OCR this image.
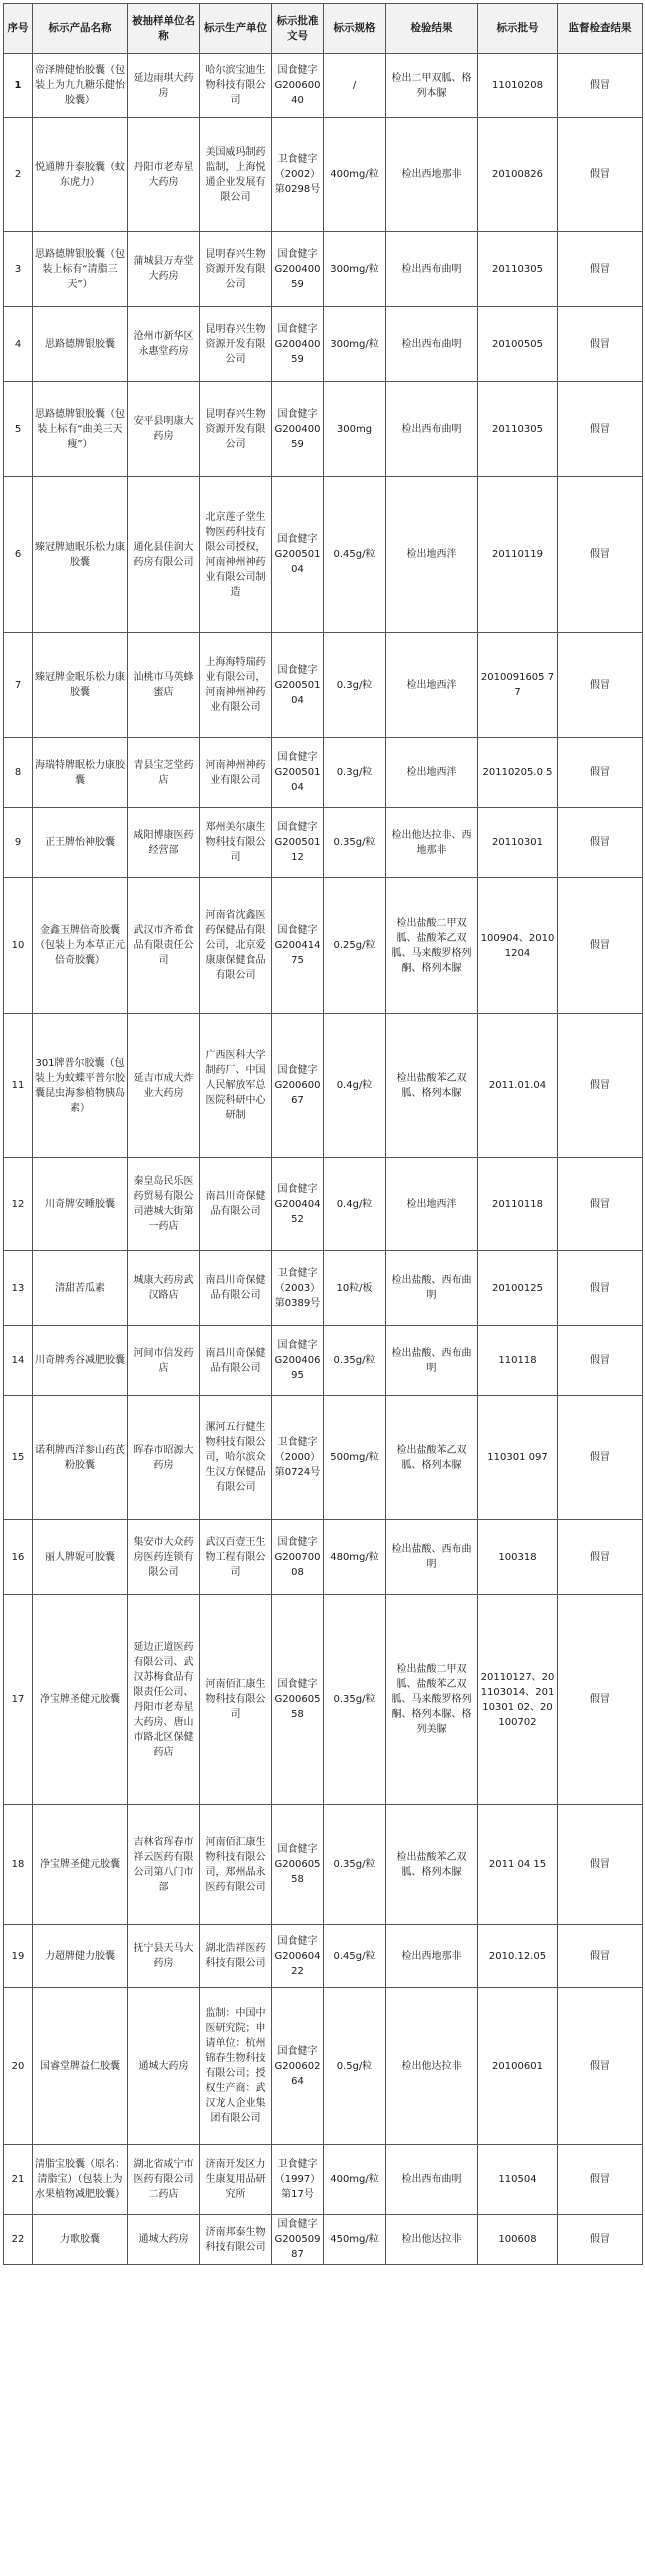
序号	标示产品名称	被抽样单位名称	标示生产单位	标示批准文号	标示规格	检验结果	标示批号	监督检查结果
1	帝泽牌健怡胶囊（包装上为九九糖乐健怡胶囊）	延边雨琪大药房	哈尔滨宝迪生物科技有限公司	国食健字G20060040	/	检出二甲双胍、格列本脲	11010208	假冒
2	悦通牌升泰胶囊（蚊东虎力）	丹阳市老寿星大药房	美国威玛制药监制，上海悦通企业发展有限公司	卫食健字（2002）第0298号	400mg/粒	检出西地那非	20100826	假冒
3	思路德牌银胶囊（包装上标有“清脂三天”）	蒲城县万寿堂大药房	昆明春兴生物资源开发有限公司	国食健字G20040059	300mg/粒	检出西布曲明	20110305	假冒
4	思路德牌银胶囊	沧州市新华区永惠堂药房	昆明春兴生物资源开发有限公司	国食健字G20040059	300mg/粒	检出西布曲明	20100505	假冒
5	思路德牌银胶囊（包装上标有“曲美三天瘦”）	安平县明康大药房	昆明春兴生物资源开发有限公司	国食健字G20040059	300mg	检出西布曲明	20110305	假冒
6	臻冠牌迪眠乐松力康胶囊	通化县佳润大药房有限公司	北京莲子堂生物医药科技有限公司授权，河南神州神药业有限公司制造	国食健字G20050104	0.45g/粒	检出地西泮	20110119	假冒
7	臻冠牌金眠乐松力康胶囊	汕桃市马英蜂蜜店	上海海特瑞药业有限公司，河南神州神药业有限公司	国食健字G20050104	0.3g/粒	检出地西泮	2010091605 77	假冒
8	海瑞特牌眠松力康胶囊	青县宝芝堂药店	河南神州神药业有限公司	国食健字G20050104	0.3g/粒	检出地西泮	20110205.0 5	假冒
9	正王牌怡神胶囊	咸阳博康医药经营部	郑州美尔康生物科技有限公司	国食健字G20050112	0.35g/粒	检出他达拉非、西地那非	20110301	假冒
10	金鑫玉牌倍奇胶囊（包装上为本草正元倍奇胶囊）	武汉市齐希食品有限责任公司	河南省沈鑫医药保健品有限公司，北京爱康康保健食品有限公司	国食健字G20041475	0.25g/粒	检出盐酸二甲双胍、盐酸苯乙双胍、马来酸罗格列酮、格列本脲	100904、20101204	假冒
11	301牌普尔胶囊（包装上为蚊蝶平普尔胶囊昆虫海参植物胰岛素）	延吉市成大炸业大药房	广西医科大学制药厂、中国人民解放军总医院科研中心研制	国食健字G20060067	0.4g/粒	检出盐酸苯乙双胍、格列本脲	2011.01.04	假冒
12	川奇牌安睡胶囊	秦皇岛民乐医药贸易有限公司港城大街第一药店	南昌川奇保健品有限公司	国食健字G20040452	0.4g/粒	检出地西泮	20110118	假冒
13	清甜苦瓜素	城康大药房武汉路店	南昌川奇保健品有限公司	卫食健字（2003）第0389号	10粒/板	检出盐酸、西布曲明	20100125	假冒
14	川奇牌秀谷减肥胶囊	河间市信发药店	南昌川奇保健品有限公司	国食健字G20040695	0.35g/粒	检出盐酸、西布曲明	110118	假冒
15	诺利牌西洋参山药芪粉胶囊	晖春市昭源大药房	漯河五行健生物科技有限公司，哈尔滨众生汉方保健品有限公司	卫食健字（2000）第0724号	500mg/粒	检出盐酸苯乙双胍、格列本脲	110301 097	假冒
16	丽人牌妮可胶囊	集安市大众药房医药连锁有限公司	武汉百壹王生物工程有限公司	国食健字G20070008	480mg/粒	检出盐酸、西布曲明	100318	假冒
17	净宝牌圣健元胶囊	延边正道医药有限公司、武汉苏梅食品有限责任公司、丹阳市老寿星大药房、唐山市路北区保健药店	河南佰汇康生物科技有限公司	国食健字G20060558	0.35g/粒	检出盐酸二甲双胍、盐酸苯乙双胍、马来酸罗格列酮、格列本脲、格列美脲	20110127、201103014、20110301 02、20100702	假冒
18	净宝牌圣健元胶囊	吉林省珲春市祥云医药有限公司第八门市部	河南佰汇康生物科技有限公司，郑州晶永医药有限公司	国食健字G20060558	0.35g/粒	检出盐酸苯乙双胍、格列本脲	2011 04 15	假冒
19	力超牌健力胶囊	抚宁县天马大药房	湖北浩祥医药科技有限公司	国食健字G20060422	0.45g/粒	检出西地那非	2010.12.05	假冒
20	国睿堂牌益仁胶囊	通城大药房	监制：中国中医研究院；申请单位：杭州锦春生物科技有限公司；授权生产商：武汉龙人企业集团有限公司	国食健字G20060264	0.5g/粒	检出他达拉非	20100601	假冒
21	清脂宝胶囊（原名：清脂宝）（包装上为水果植物减肥胶囊）	湖北省咸宁市医药有限公司二药店	济南开发区力生康复用品研究所	卫食健字（1997）第17号	400mg/粒	检出西布曲明	110504	假冒
22	力歌胶囊	通城大药房	济南邦泰生物科技有限公司	国食健字G20050987	450mg/粒	检出他达拉非	100608	假冒
